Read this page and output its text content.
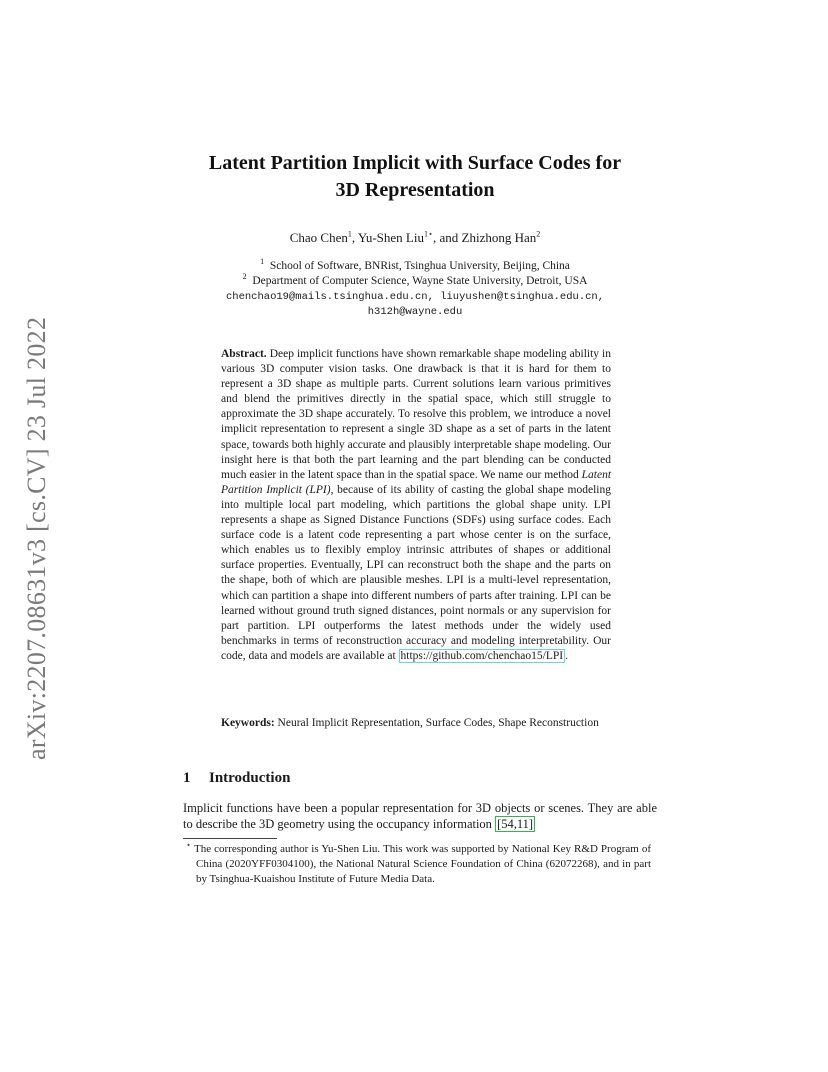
arXiv:2207.08631v3 [cs.CV] 23 Jul 2022
Latent Partition Implicit with Surface Codes for
3D Representation
Chao Chen$^1$, Yu-Shen Liu$^{1⋆}$, and Zhizhong Han$^2$
$^1$ School of Software, BNRist, Tsinghua University, Beijing, China
$^2$ Department of Computer Science, Wayne State University, Detroit, USA
chenchao19@mails.tsinghua.edu.cn, liuyushen@tsinghua.edu.cn,
h312h@wayne.edu
Abstract. Deep implicit functions have shown remarkable shape modeling ability in various 3D computer vision tasks. One drawback is that it is hard for them to represent a 3D shape as multiple parts. Current solutions learn various primitives and blend the primitives directly in the spatial space, which still struggle to approximate the 3D shape accurately. To resolve this problem, we introduce a novel implicit representation to represent a single 3D shape as a set of parts in the latent space, towards both highly accurate and plausibly interpretable shape modeling. Our insight here is that both the part learning and the part blending can be conducted much easier in the latent space than in the spatial space. We name our method Latent Partition Implicit (LPI), because of its ability of casting the global shape modeling into multiple local part modeling, which partitions the global shape unity. LPI represents a shape as Signed Distance Functions (SDFs) using surface codes. Each surface code is a latent code representing a part whose center is on the surface, which enables us to flexibly employ intrinsic attributes of shapes or additional surface properties. Eventually, LPI can reconstruct both the shape and the parts on the shape, both of which are plausible meshes. LPI is a multi-level representation, which can partition a shape into different numbers of parts after training. LPI can be learned without ground truth signed distances, point normals or any supervision for part partition. LPI outperforms the latest methods under the widely used benchmarks in terms of reconstruction accuracy and modeling interpretability. Our code, data and models are available at https://github.com/chenchao15/LPI .
Keywords: Neural Implicit Representation, Surface Codes, Shape Reconstruction
1 Introduction
Implicit functions have been a popular representation for 3D objects or scenes. They are able to describe the 3D geometry using the occupancy information [54,11]
⋆ The corresponding author is Yu-Shen Liu. This work was supported by National Key R&D Program of China (2020YFF0304100), the National Natural Science Foundation of China (62072268), and in part by Tsinghua-Kuaishou Institute of Future Media Data.
